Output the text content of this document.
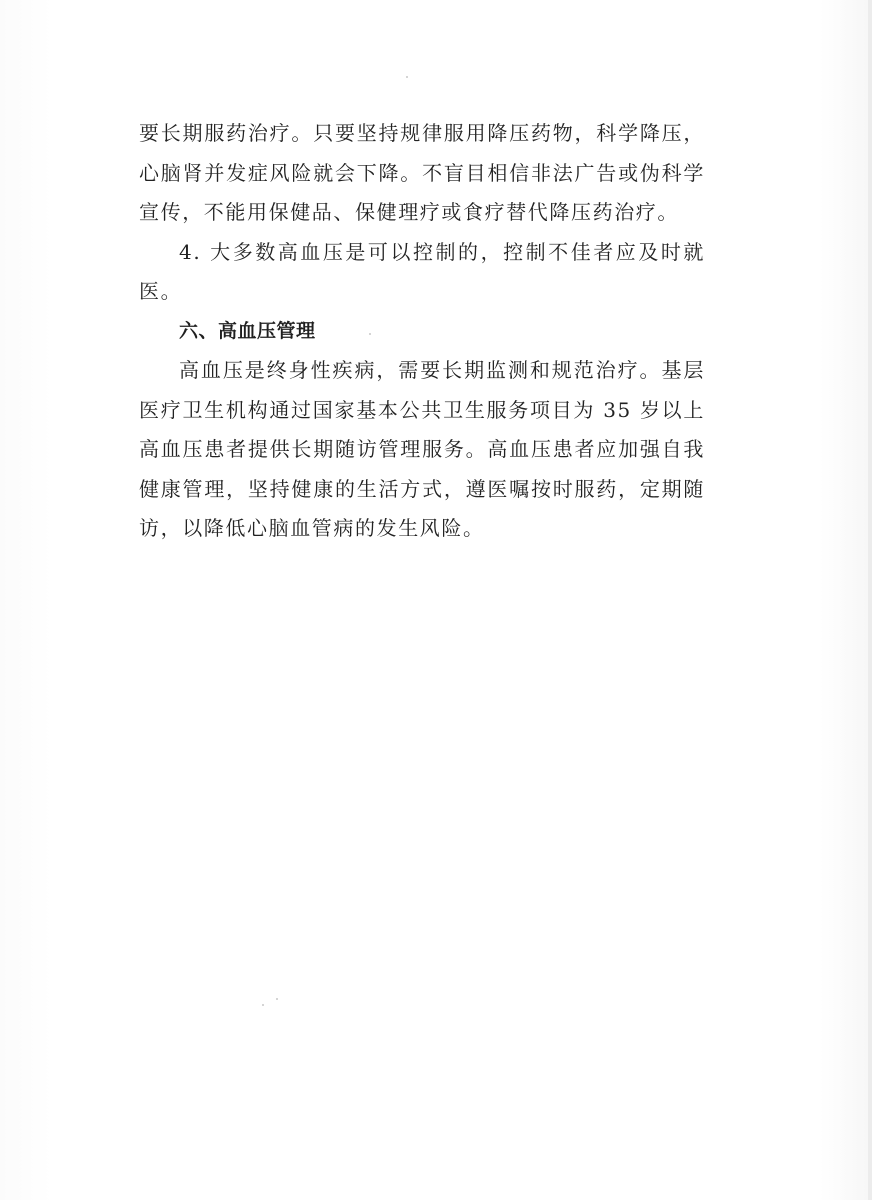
要长期服药治疗。只要坚持规律服用降压药物，科学降压，心脑肾并发症风险就会下降。不盲目相信非法广告或伪科学宣传，不能用保健品、保健理疗或食疗替代降压药治疗。

4. 大多数高血压是可以控制的，控制不佳者应及时就医。

六、高血压管理

高血压是终身性疾病，需要长期监测和规范治疗。基层医疗卫生机构通过国家基本公共卫生服务项目为 35 岁以上高血压患者提供长期随访管理服务。高血压患者应加强自我健康管理，坚持健康的生活方式，遵医嘱按时服药，定期随访，以降低心脑血管病的发生风险。
